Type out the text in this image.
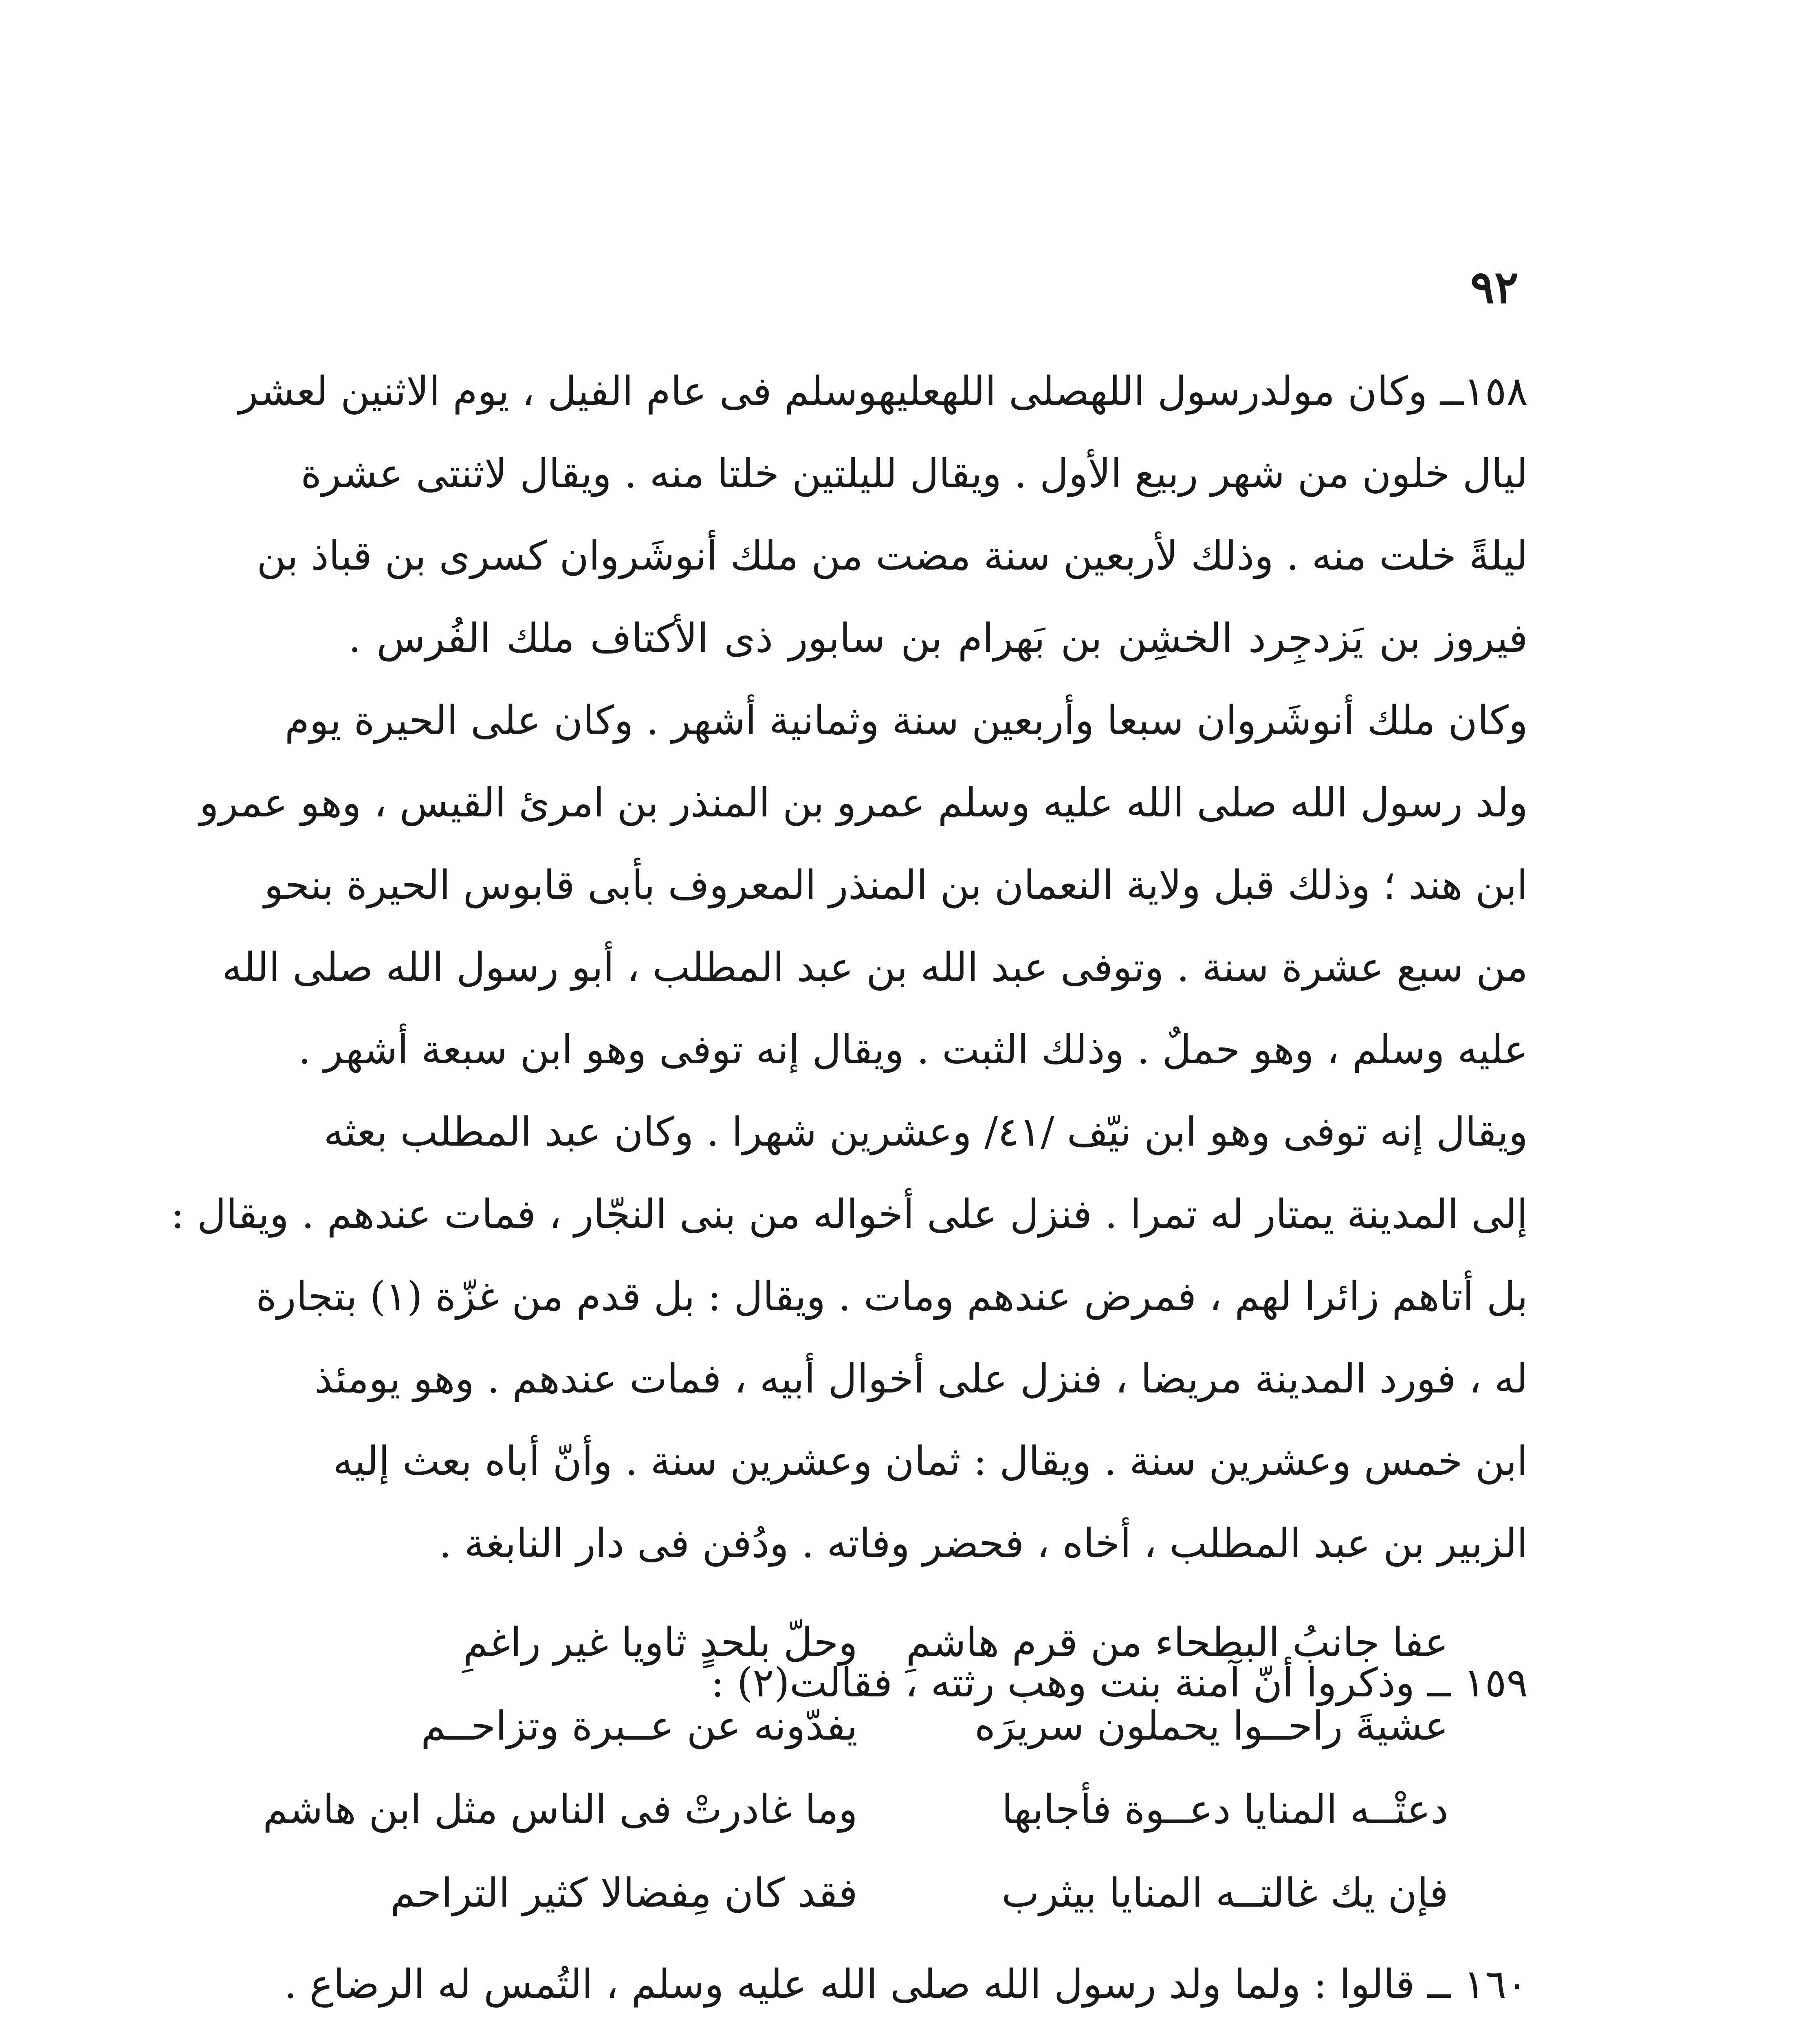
٩٢
١٥٨ــ وكان مولدرسول اللهصلى اللهعليهوسلم فى عام الفيل ، يوم الاثنين لعشر
ليال خلون من شهر ربيع الأول . ويقال لليلتين خلتا منه . ويقال لاثنتى عشرة
ليلةً خلت منه . وذلك لأربعين سنة مضت من ملك أنوشَروان كسرى بن قباذ بن
فيروز بن يَزدجِرد الخشِن بن بَهرام بن سابور ذى الأكتاف ملك الفُرس .
وكان ملك أنوشَروان سبعا وأربعين سنة وثمانية أشهر . وكان على الحيرة يوم
ولد رسول الله صلى الله عليه وسلم عمرو بن المنذر بن امرئ القيس ، وهو عمرو
ابن هند ؛ وذلك قبل ولاية النعمان بن المنذر المعروف بأبى قابوس الحيرة بنحو
من سبع عشرة سنة . وتوفى عبد الله بن عبد المطلب ، أبو رسول الله صلى الله
عليه وسلم ، وهو حملٌ . وذلك الثبت . ويقال إنه توفى وهو ابن سبعة أشهر .
ويقال إنه توفى وهو ابن نيّف /٤١/ وعشرين شهرا . وكان عبد المطلب بعثه
إلى المدينة يمتار له تمرا . فنزل على أخواله من بنى النجّار ، فمات عندهم . ويقال :
بل أتاهم زائرا لهم ، فمرض عندهم ومات . ويقال : بل قدم من غزّة (١) بتجارة
له ، فورد المدينة مريضا ، فنزل على أخوال أبيه ، فمات عندهم . وهو يومئذ
ابن خمس وعشرين سنة . ويقال : ثمان وعشرين سنة . وأنّ أباه بعث إليه
الزبير بن عبد المطلب ، أخاه ، فحضر وفاته . ودُفن فى دار النابغة .
١٥٩ ــ وذكروا أنّ آمنة بنت وهب رثته ، فقالت(٢) :
عفا جانبُ البطحاء من قرم هاشمِ
وحلّ بلحدٍ ثاويا غير راغمِ
عشيةَ راحــوا يحملون سريرَه
يفدّونه عن عــبرة وتزاحــم
دعتْــه المنايا دعــوة فأجابها
وما غادرتْ فى الناس مثل ابن هاشم
فإن يك غالتــه المنايا بيثرب
فقد كان مِفضالا كثير التراحم
١٦٠ ــ قالوا : ولما ولد رسول الله صلى الله عليه وسلم ، التُمس له الرضاع .
